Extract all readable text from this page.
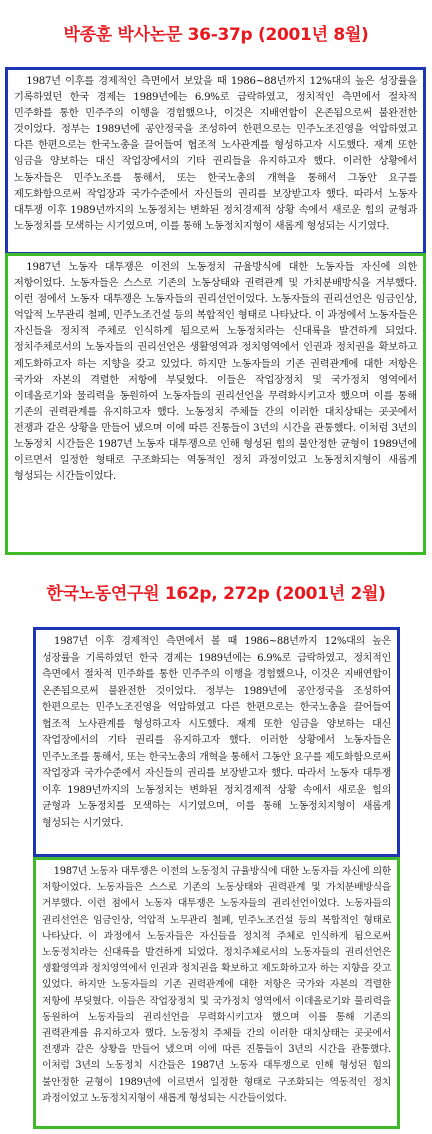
박종훈 박사논문 36-37p (2001년 8월)

1987년 이후를 경제적인 측면에서 보았을 때 1986~88년까지 12%대의 높은 성장률을 기록하였던 한국 경제는 1989년에는 6.9%로 급락하였고, 정치적인 측면에서 절차적 민주화를 통한 민주주의 이행을 경험했으나, 이것은 지배연합이 온존됨으로써 불완전한 것이었다. 정부는 1989년에 공안정국을 조성하여 한편으로는 민주노조진영을 억압하였고 다른 한편으로는 한국노총을 끌어들여 협조적 노사관계를 형성하고자 시도했다. 재계 또한 임금을 양보하는 대신 작업장에서의 기타 권리들을 유지하고자 했다. 이러한 상황에서 노동자들은 민주노조를 통해서, 또는 한국노총의 개혁을 통해서 그동안 요구를 제도화함으로써 작업장과 국가수준에서 자신들의 권리를 보장받고자 했다. 따라서 노동자 대투쟁 이후 1989년까지의 노동정치는 변화된 정치경제적 상황 속에서 새로운 힘의 균형과 노동정치를 모색하는 시기였으며, 이를 통해 노동정치지형이 새롭게 형성되는 시기였다.

1987년 노동자 대투쟁은 이전의 노동정치 규율방식에 대한 노동자들 자신에 의한 저항이었다. 노동자들은 스스로 기존의 노동상태와 권력관계 및 가치분배방식을 거부했다. 이런 점에서 노동자 대투쟁은 노동자들의 권리선언이었다. 노동자들의 권리선언은 임금인상, 억압적 노무관리 철폐, 민주노조건설 등의 복합적인 형태로 나타났다. 이 과정에서 노동자들은 자신들을 정치적 주체로 인식하게 됨으로써 노동정치라는 신대륙을 발견하게 되었다. 정치주체로서의 노동자들의 권리선언은 생활영역과 정치영역에서 인권과 정치권을 확보하고 제도화하고자 하는 지향을 갖고 있었다. 하지만 노동자들의 기존 권력관계에 대한 저항은 국가와 자본의 격렬한 저항에 부딪혔다. 이들은 작업장정치 및 국가정치 영역에서 이데올로기와 물리력을 동원하여 노동자들의 권리선언을 무력화시키고자 했으며 이를 통해 기존의 권력관계를 유지하고자 했다. 노동정치 주체들 간의 이러한 대치상태는 곳곳에서 전쟁과 같은 상황을 만들어 냈으며 이에 따른 진통들이 3년의 시간을 관통했다. 이처럼 3년의 노동정치 시간들은 1987년 노동자 대투쟁으로 인해 형성된 힘의 불안정한 균형이 1989년에 이르면서 일정한 형태로 구조화되는 역동적인 정치 과정이었고 노동정치지형이 새롭게 형성되는 시간들이었다.

한국노동연구원 162p, 272p (2001년 2월)

1987년 이후 경제적인 측면에서 볼 때 1986~88년까지 12%대의 높은 성장률을 기록하였던 한국 경제는 1989년에는 6.9%로 급락하였고, 정치적인 측면에서 절차적 민주화를 통한 민주주의 이행을 경험했으나, 이것은 지배연합이 온존됨으로써 불완전한 것이었다. 정부는 1989년에 공안정국을 조성하여 한편으로는 민주노조진영을 억압하였고 다른 한편으로는 한국노총을 끌어들여 협조적 노사관계를 형성하고자 시도했다. 재계 또한 임금을 양보하는 대신 작업장에서의 기타 권리를 유지하고자 했다. 이러한 상황에서 노동자들은 민주노조를 통해서, 또는 한국노총의 개혁을 통해서 그동안 요구를 제도화함으로써 작업장과 국가수준에서 자신들의 권리를 보장받고자 했다. 따라서 노동자 대투쟁 이후 1989년까지의 노동정치는 변화된 정치경제적 상황 속에서 새로운 힘의 균형과 노동정치를 모색하는 시기였으며, 이를 통해 노동정치지형이 새롭게 형성되는 시기였다.

1987년 노동자 대투쟁은 이전의 노동정치 규율방식에 대한 노동자들 자신에 의한 저항이었다. 노동자들은 스스로 기존의 노동상태와 권력관계 및 가치분배방식을 거부했다. 이런 점에서 노동자 대투쟁은 노동자들의 권리선언이었다. 노동자들의 권리선언은 임금인상, 억압적 노무관리 철폐, 민주노조건설 등의 복합적인 형태로 나타났다. 이 과정에서 노동자들은 자신들을 정치적 주체로 인식하게 됨으로써 노동정치라는 신대륙을 발견하게 되었다. 정치주체로서의 노동자들의 권리선언은 생활영역과 정치영역에서 인권과 정치권을 확보하고 제도화하고자 하는 지향을 갖고 있었다. 하지만 노동자들의 기존 권력관계에 대한 저항은 국가와 자본의 격렬한 저항에 부딪혔다. 이들은 작업장정치 및 국가정치 영역에서 이데올로기와 물리력을 동원하여 노동자들의 권리선언을 무력화시키고자 했으며 이를 통해 기존의 권력관계를 유지하고자 했다. 노동정치 주체들 간의 이러한 대치상태는 곳곳에서 전쟁과 같은 상황을 만들어 냈으며 이에 따른 진통들이 3년의 시간을 관통했다. 이처럼 3년의 노동정치 시간들은 1987년 노동자 대투쟁으로 인해 형성된 힘의 불안정한 균형이 1989년에 이르면서 일정한 형태로 구조화되는 역동적인 정치 과정이었고 노동정치지형이 새롭게 형성되는 시간들이었다.
